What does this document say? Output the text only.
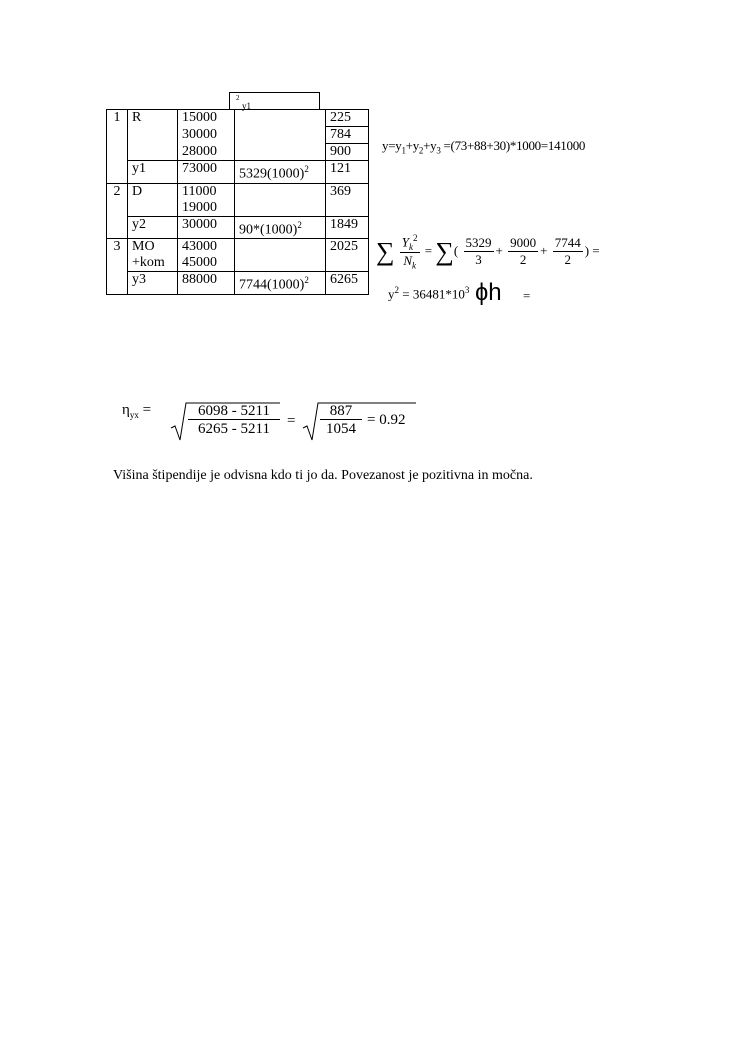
y1
$^2$
1	R	15000		225
		30000		784
		28000		900
	y1	73000	$5329(1000)^2$	121
2	D	11000		369
		19000		
	y2	30000	$90*(1000)^2$	1849
3	MO	43000		2025
	+kom	45000		
	y3	88000	$7744(1000)^2$	6265
$y=y_1+y_2+y_3 =(73+88+30)*1000=141000$
∑ $\frac{Y_k^2}{N_k}$ = ∑( $\frac{5329}{3} + \frac{9000}{2} + \frac{7744}{2}$ ) =
$y^2 = 36481*10^3$ ɸh =
$\eta_{yx}$ =	6098 - 5211
6265 - 5211	=
887
1054
= 0.92
Višina štipendije je odvisna kdo ti jo da. Povezanost je pozitivna in močna.
